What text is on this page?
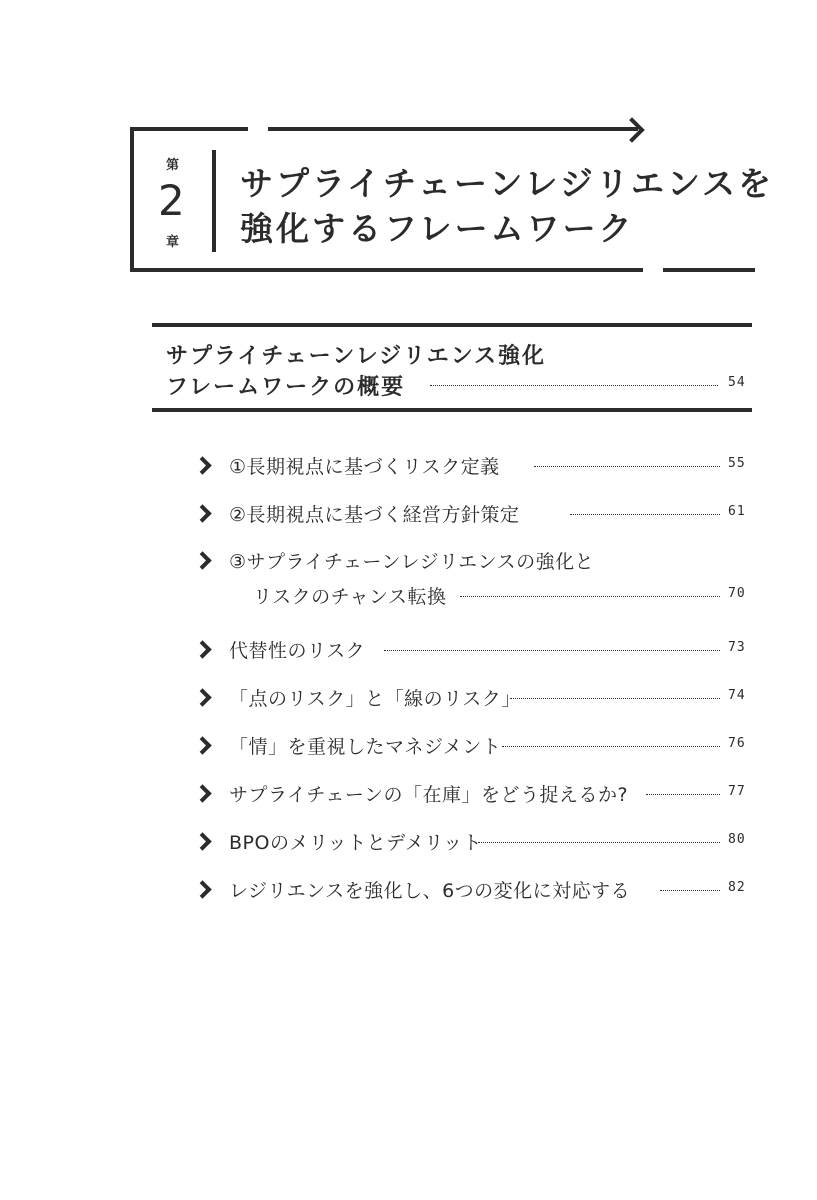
第
2
章
サプライチェーンレジリエンスを
強化するフレームワーク
サプライチェーンレジリエンス強化
フレームワークの概要	54
①長期視点に基づくリスク定義	55
②長期視点に基づく経営方針策定	61
③サプライチェーンレジリエンスの強化と
リスクのチャンス転換	70
代替性のリスク	73
「点のリスク」と「線のリスク」	74
「情」を重視したマネジメント	76
サプライチェーンの「在庫」をどう捉えるか?	77
BPOのメリットとデメリット	80
レジリエンスを強化し、6つの変化に対応する	82
